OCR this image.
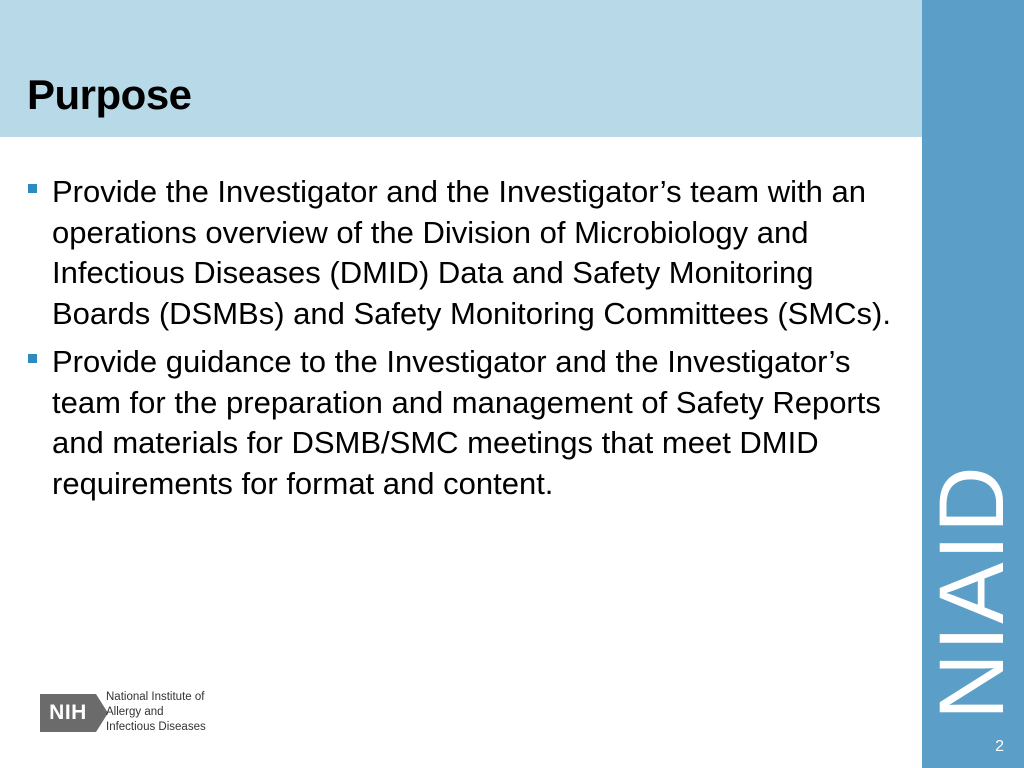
Purpose
NIAID
2
Provide the Investigator and the Investigator’s team with an operations overview of the Division of Microbiology and Infectious Diseases (DMID) Data and Safety Monitoring Boards (DSMBs) and Safety Monitoring Committees (SMCs).
Provide guidance to the Investigator and the Investigator’s team for the preparation and management of Safety Reports and materials for DSMB/SMC meetings that meet DMID requirements for format and content.
NIH
National Institute of
Allergy and
Infectious Diseases
